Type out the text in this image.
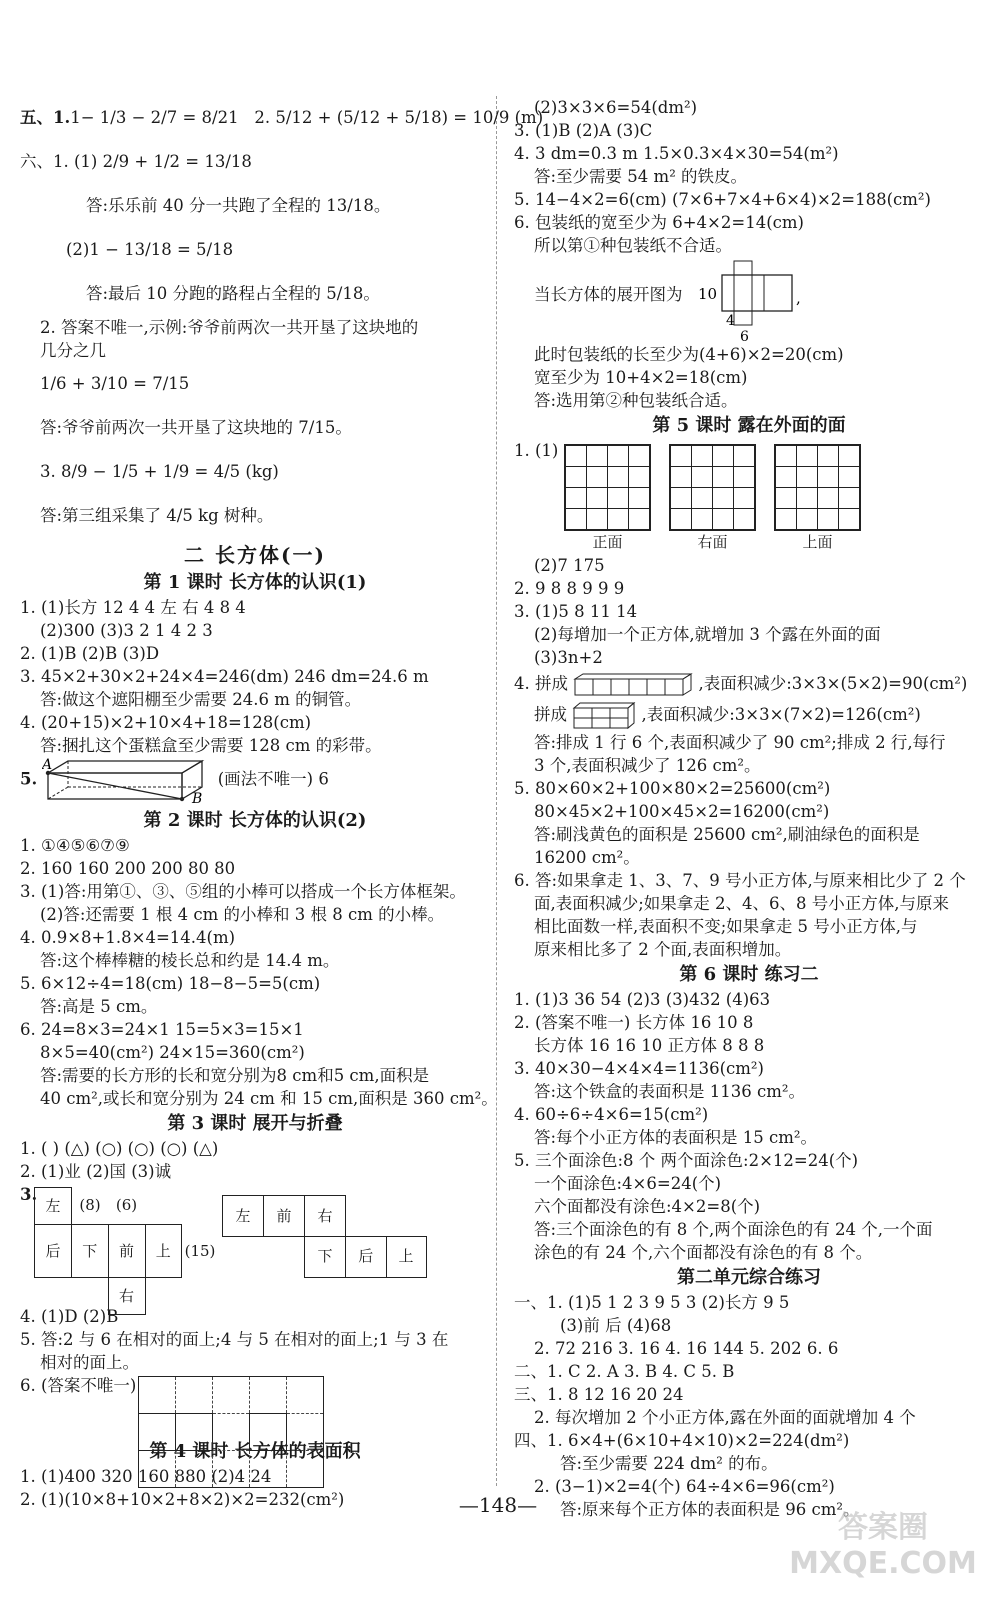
五、1.1− 1/3 − 2/7 = 8/21 2. 5/12 + (5/12 + 5/18) = 10/9 (m)
六、1. (1) 2/9 + 1/2 = 13/18
答:乐乐前 40 分一共跑了全程的 13/18。
(2)1 − 13/18 = 5/18
答:最后 10 分跑的路程占全程的 5/18。
2. 答案不唯一,示例:爷爷前两次一共开垦了这块地的
几分之几
1/6 + 3/10 = 7/15
答:爷爷前两次一共开垦了这块地的 7/15。
3. 8/9 − 1/5 + 1/9 = 4/5 (kg)
答:第三组采集了 4/5 kg 树种。
二 长方体(一)
第 1 课时 长方体的认识(1)
1. (1)长方 12 4 4 左 右 4 8 4
(2)300 (3)3 2 1 4 2 3
2. (1)B (2)B (3)D
3. 45×2+30×2+24×4=246(dm) 246 dm=24.6 m
答:做这个遮阳棚至少需要 24.6 m 的铜管。
4. (20+15)×2+10×4+18=128(cm)
答:捆扎这个蛋糕盒至少需要 128 cm 的彩带。
5.
A
B
(画法不唯一) 6
第 2 课时 长方体的认识(2)
1. ①④⑤⑥⑦⑨
2. 160 160 200 200 80 80
3. (1)答:用第①、③、⑤组的小棒可以搭成一个长方体框架。
(2)答:还需要 1 根 4 cm 的小棒和 3 根 8 cm 的小棒。
4. 0.9×8+1.8×4=14.4(m)
答:这个棒棒糖的棱长总和约是 14.4 m。
5. 6×12÷4=18(cm) 18−8−5=5(cm)
答:高是 5 cm。
6. 24=8×3=24×1 15=5×3=15×1
8×5=40(cm²) 24×15=360(cm²)
答:需要的长方形的长和宽分别为8 cm和5 cm,面积是
40 cm²,或长和宽分别为 24 cm 和 15 cm,面积是 360 cm²。
第 3 课时 展开与折叠
1. ( ) (△) (○) (○) (○) (△)
2. (1)业 (2)国 (3)诚
3.
左	(8)	(6)		
后	下	前	上	(15)
		右		
左	前	右		
		下	后	上
4. (1)D (2)B
5. 答:2 与 6 在相对的面上;4 与 5 在相对的面上;1 与 3 在
相对的面上。
6. (答案不唯一)

第 4 课时 长方体的表面积
1. (1)400 320 160 880 (2)4 24
2. (1)(10×8+10×2+8×2)×2=232(cm²)
(2)3×3×6=54(dm²)
3. (1)B (2)A (3)C
4. 3 dm=0.3 m 1.5×0.3×4×30=54(m²)
答:至少需要 54 m² 的铁皮。
5. 14−4×2=6(cm) (7×6+7×4+6×4)×2=188(cm²)
6. 包装纸的宽至少为 6+4×2=14(cm)
所以第①种包装纸不合适。
当长方体的展开图为 10
4
6
,
此时包装纸的长至少为(4+6)×2=20(cm)
宽至少为 10+4×2=18(cm)
答:选用第②种包装纸合适。
第 5 课时 露在外面的面
1. (1)

正面

				右面

				上面
(2)7 175
2. 9 8 8 9 9 9
3. (1)5 8 11 14
(2)每增加一个正方体,就增加 3 个露在外面的面
(3)3n+2
4. 拼成	,表面积减少:3×3×(5×2)=90(cm²)
拼成	,表面积减少:3×3×(7×2)=126(cm²)
答:排成 1 行 6 个,表面积减少了 90 cm²;排成 2 行,每行
3 个,表面积减少了 126 cm²。
5. 80×60×2+100×80×2=25600(cm²)
80×45×2+100×45×2=16200(cm²)
答:刷浅黄色的面积是 25600 cm²,刷油绿色的面积是
16200 cm²。
6. 答:如果拿走 1、3、7、9 号小正方体,与原来相比少了 2 个
面,表面积减少;如果拿走 2、4、6、8 号小正方体,与原来
相比面数一样,表面积不变;如果拿走 5 号小正方体,与
原来相比多了 2 个面,表面积增加。
第 6 课时 练习二
1. (1)3 36 54 (2)3 (3)432 (4)63
2. (答案不唯一) 长方体 16 10 8
长方体 16 16 10 正方体 8 8 8
3. 40×30−4×4×4=1136(cm²)
答:这个铁盒的表面积是 1136 cm²。
4. 60÷6÷4×6=15(cm²)
答:每个小正方体的表面积是 15 cm²。
5. 三个面涂色:8 个 两个面涂色:2×12=24(个)
一个面涂色:4×6=24(个)
六个面都没有涂色:4×2=8(个)
答:三个面涂色的有 8 个,两个面涂色的有 24 个,一个面
涂色的有 24 个,六个面都没有涂色的有 8 个。
第二单元综合练习
一、1. (1)5 1 2 3 9 5 3 (2)长方 9 5
(3)前 后 (4)68
2. 72 216 3. 16 4. 16 144 5. 202 6. 6
二、1. C 2. A 3. B 4. C 5. B
三、1. 8 12 16 20 24
2. 每次增加 2 个小正方体,露在外面的面就增加 4 个
四、1. 6×4+(6×10+4×10)×2=224(dm²)
答:至少需要 224 dm² 的布。
2. (3−1)×2=4(个) 64÷4×6=96(cm²)
答:原来每个正方体的表面积是 96 cm²。
—148—
答案圈
MXQE.COM
